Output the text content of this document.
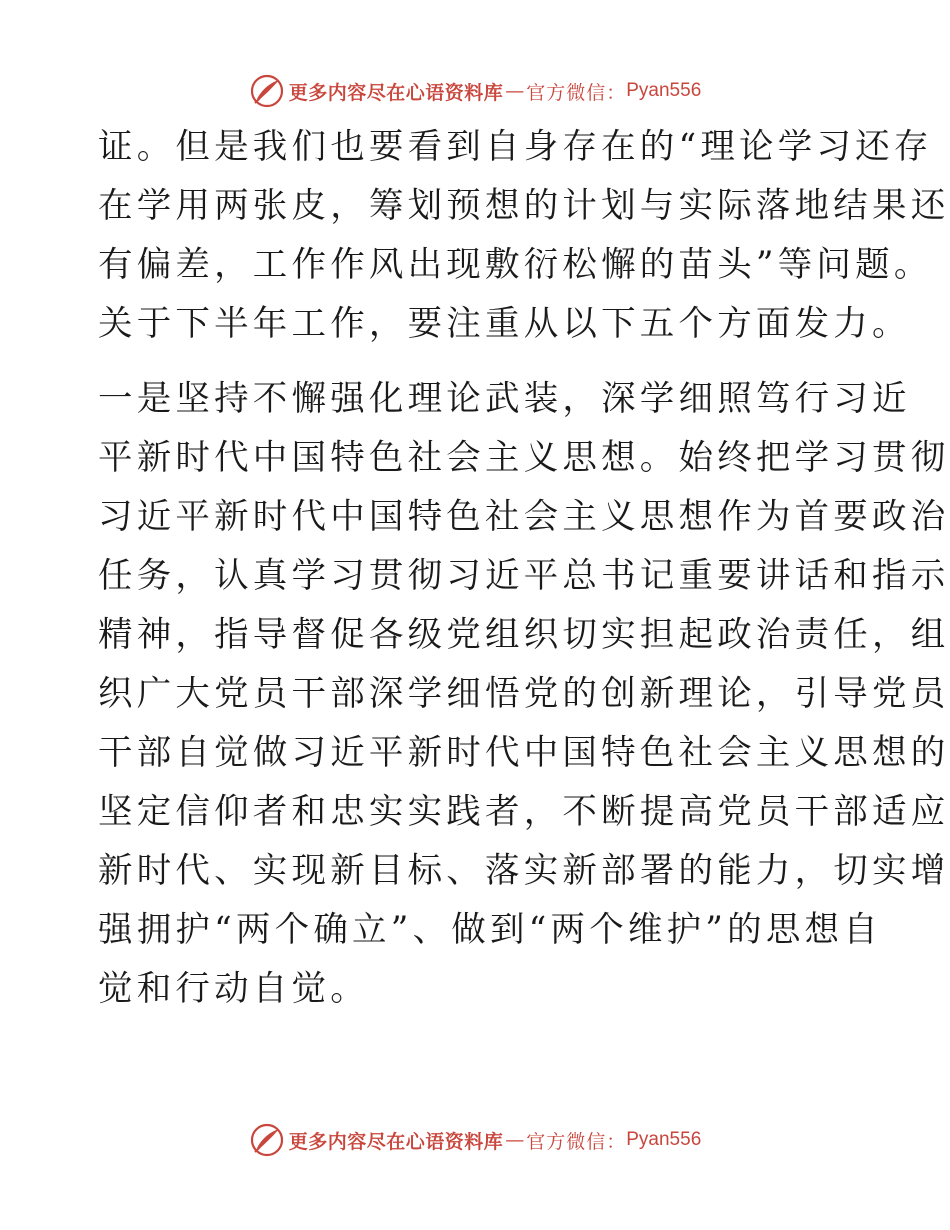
更多内容尽在心语资料库 — 官方微信： Pyan556
证。但是我们也要看到自身存在的“理论学习还存
在学用两张皮，筹划预想的计划与实际落地结果还
有偏差，工作作风出现敷衍松懈的苗头”等问题。
关于下半年工作，要注重从以下五个方面发力。
一是坚持不懈强化理论武装，深学细照笃行习近
平新时代中国特色社会主义思想。始终把学习贯彻
习近平新时代中国特色社会主义思想作为首要政治
任务，认真学习贯彻习近平总书记重要讲话和指示
精神，指导督促各级党组织切实担起政治责任，组
织广大党员干部深学细悟党的创新理论，引导党员
干部自觉做习近平新时代中国特色社会主义思想的
坚定信仰者和忠实实践者，不断提高党员干部适应
新时代、实现新目标、落实新部署的能力，切实增
强拥护“两个确立”、做到“两个维护”的思想自
觉和行动自觉。
更多内容尽在心语资料库 — 官方微信： Pyan556
